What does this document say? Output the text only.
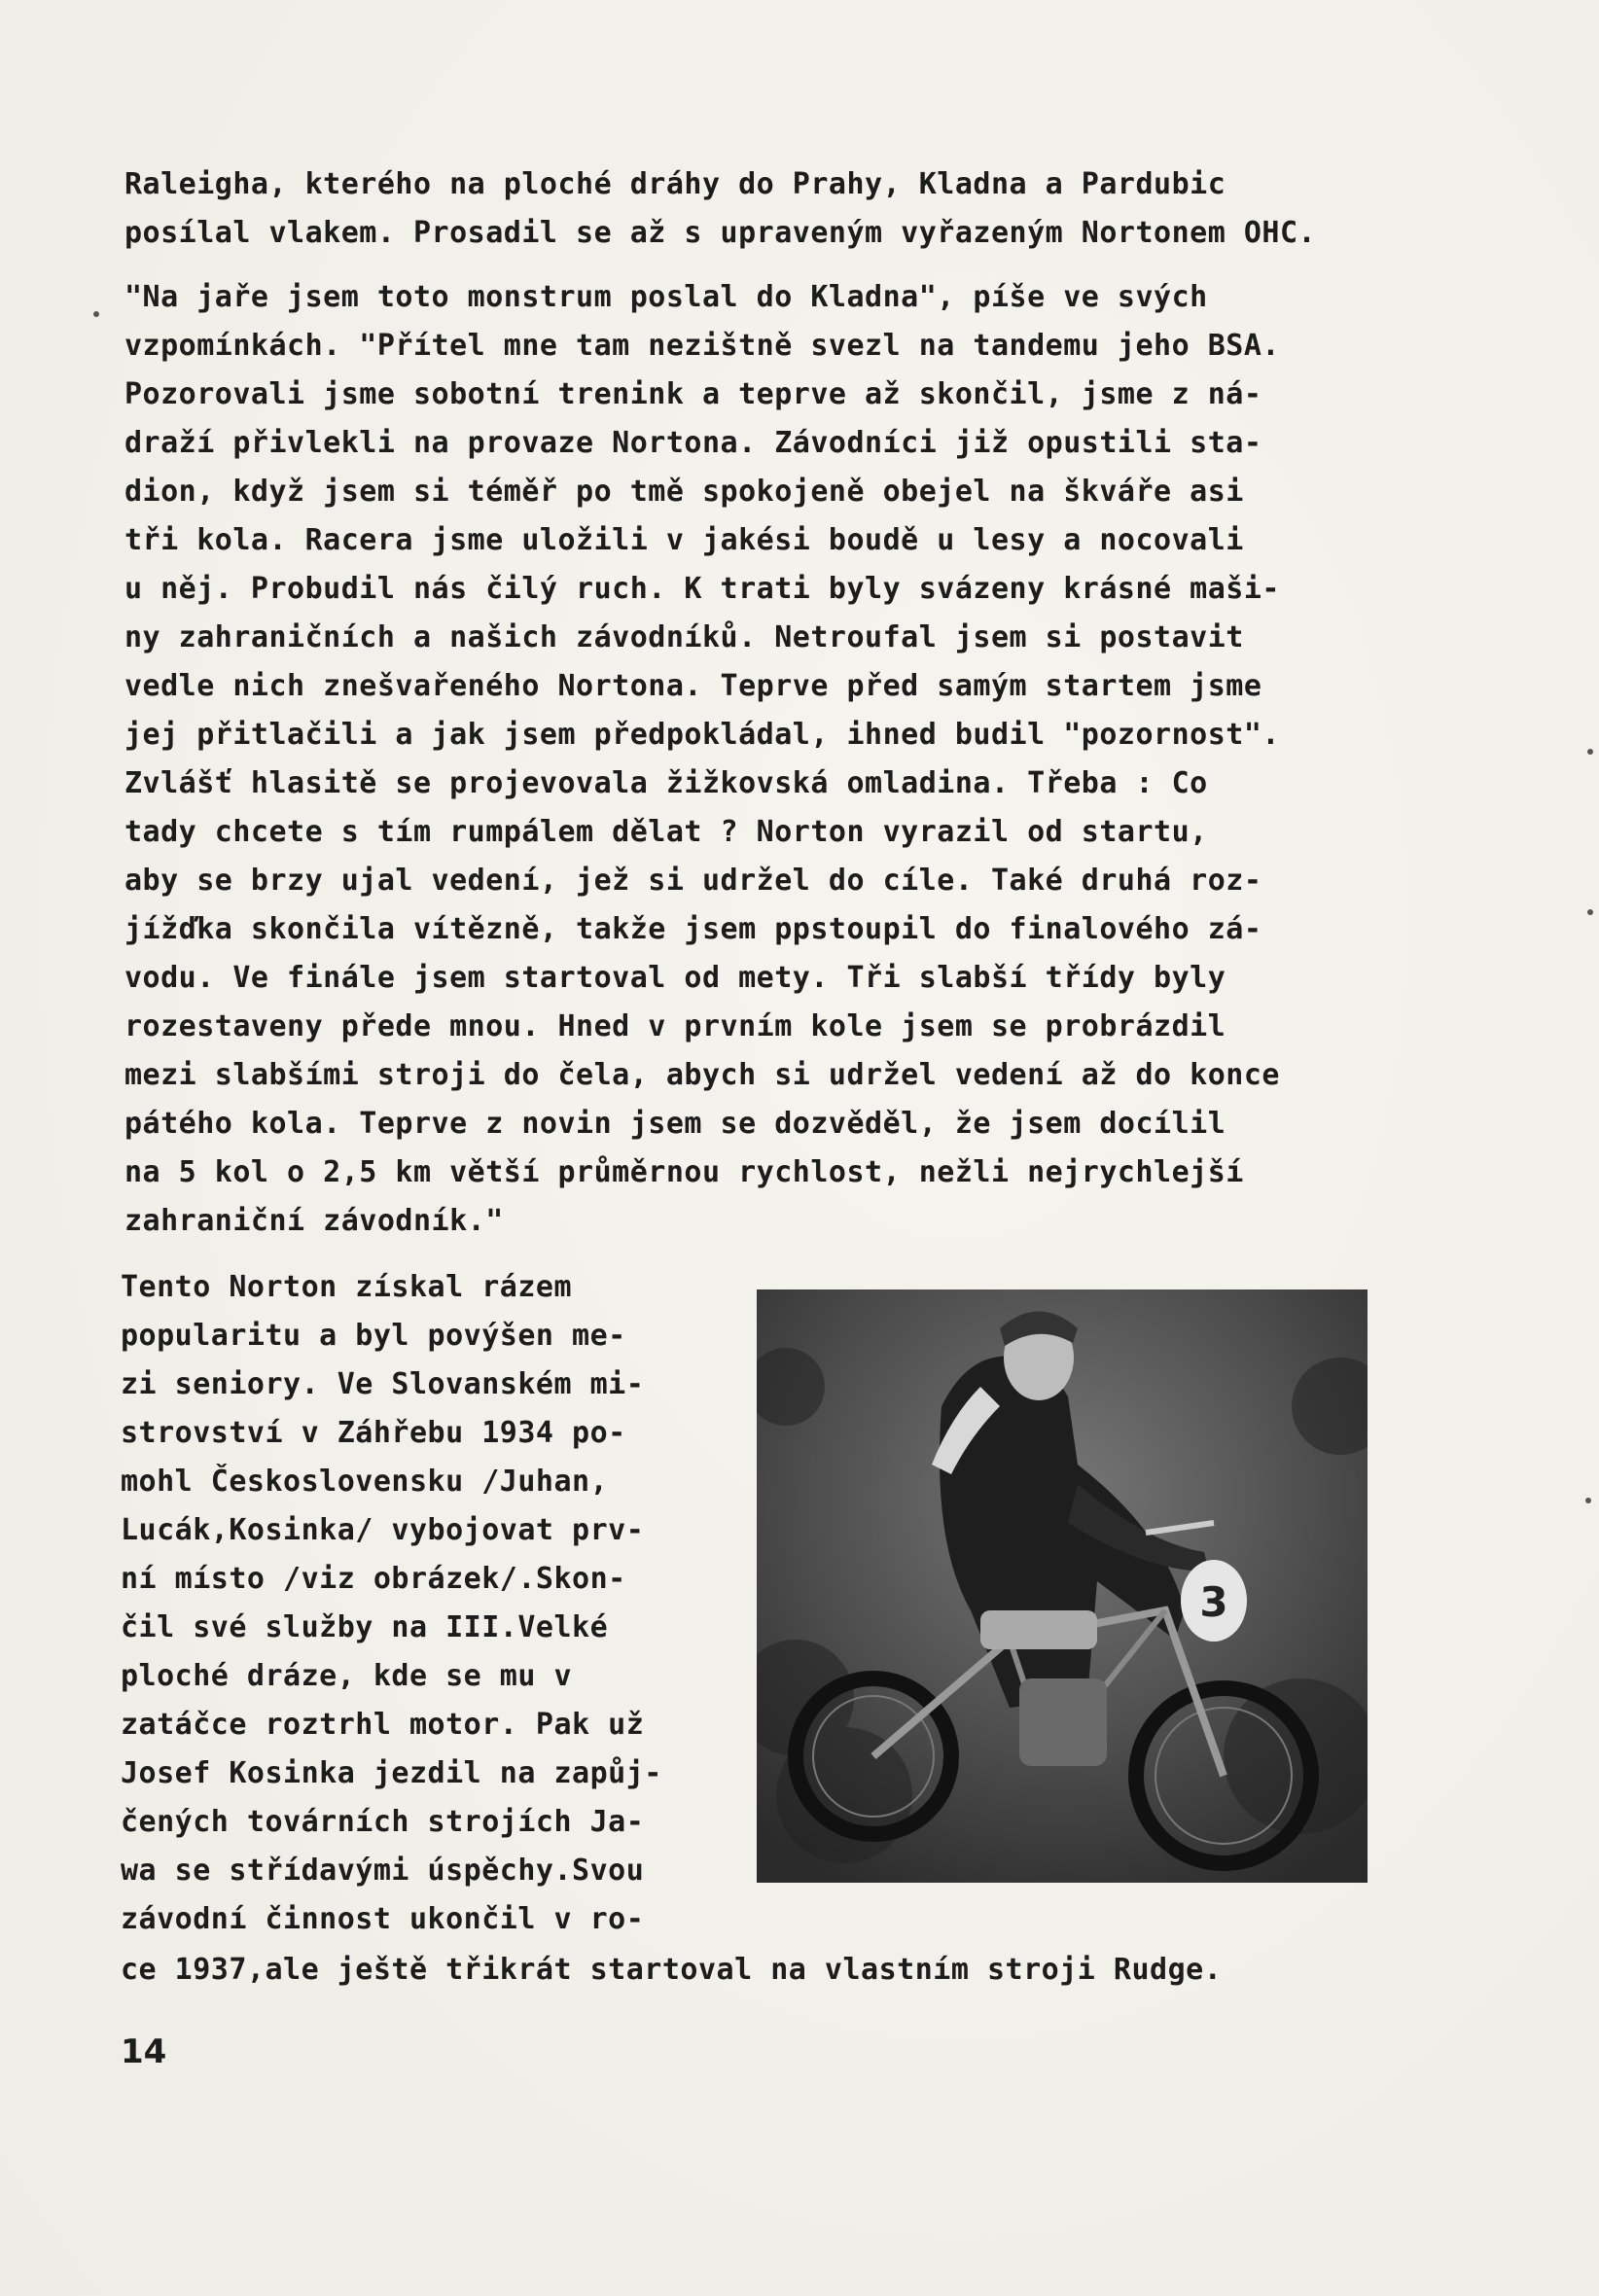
Raleigha, kterého na ploché dráhy do Prahy, Kladna a Pardubic
posílal vlakem. Prosadil se až s upraveným vyřazeným Nortonem OHC.
"Na jaře jsem toto monstrum poslal do Kladna", píše ve svých
vzpomínkách. "Přítel mne tam nezištně svezl na tandemu jeho BSA.
Pozorovali jsme sobotní trenink a teprve až skončil, jsme z ná-
draží přivlekli na provaze Nortona. Závodníci již opustili sta-
dion, když jsem si téměř po tmě spokojeně obejel na škváře asi
tři kola. Racera jsme uložili v jakési boudě u lesy a nocovali
u něj. Probudil nás čilý ruch. K trati byly svázeny krásné maši-
ny zahraničních a našich závodníků. Netroufal jsem si postavit
vedle nich znešvařeného Nortona. Teprve před samým startem jsme
jej přitlačili a jak jsem předpokládal, ihned budil "pozornost".
Zvlášť hlasitě se projevovala žižkovská omladina. Třeba : Co
tady chcete s tím rumpálem dělat ? Norton vyrazil od startu,
aby se brzy ujal vedení, jež si udržel do cíle. Také druhá roz-
jížďka skončila vítězně, takže jsem ppstoupil do finalového zá-
vodu. Ve finále jsem startoval od mety. Tři slabší třídy byly
rozestaveny přede mnou. Hned v prvním kole jsem se probrázdil
mezi slabšími stroji do čela, abych si udržel vedení až do konce
pátého kola. Teprve z novin jsem se dozvěděl, že jsem docílil
na 5 kol o 2,5 km větší průměrnou rychlost, nežli nejrychlejší
zahraniční závodník."
Tento Norton získal rázem
popularitu a byl povýšen me-
zi seniory. Ve Slovanském mi-
strovství v Záhřebu 1934 po-
mohl Československu /Juhan,
Lucák,Kosinka/ vybojovat prv-
ní místo /viz obrázek/.Skon-
čil své služby na III.Velké
ploché dráze, kde se mu v
zatáčce roztrhl motor. Pak už
Josef Kosinka jezdil na zapůj-
čených továrních strojích Ja-
wa se střídavými úspěchy.Svou
závodní činnost ukončil v ro-
ce 1937,ale ještě třikrát startoval na vlastním stroji Rudge.
3
14
